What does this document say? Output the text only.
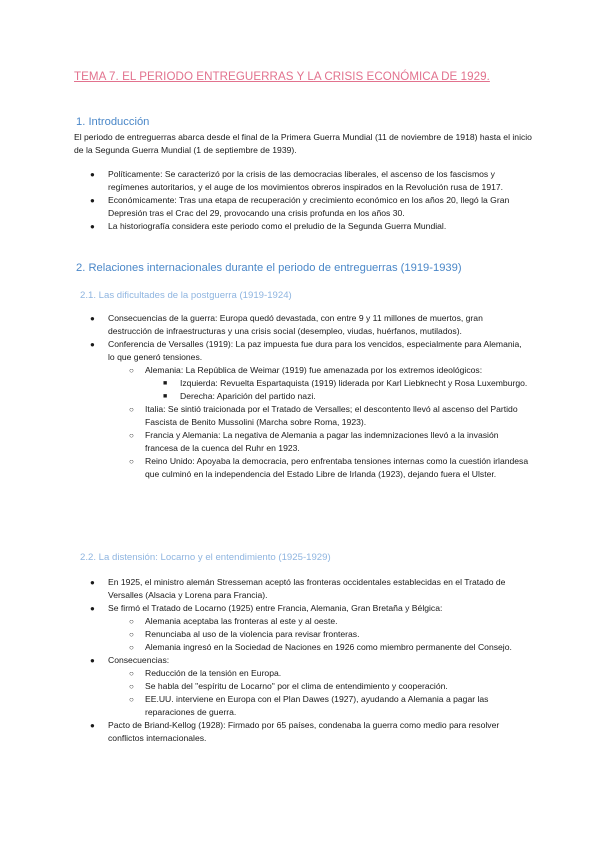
TEMA 7. EL PERIODO ENTREGUERRAS Y LA CRISIS ECONÓMICA DE 1929.
1. Introducción
El periodo de entreguerras abarca desde el final de la Primera Guerra Mundial (11 de noviembre de 1918) hasta el inicio de la Segunda Guerra Mundial (1 de septiembre de 1939).
● Políticamente: Se caracterizó por la crisis de las democracias liberales, el ascenso de los fascismos y regímenes autoritarios, y el auge de los movimientos obreros inspirados en la Revolución rusa de 1917.
● Económicamente: Tras una etapa de recuperación y crecimiento económico en los años 20, llegó la Gran Depresión tras el Crac del 29, provocando una crisis profunda en los años 30.
● La historiografía considera este periodo como el preludio de la Segunda Guerra Mundial.
2. Relaciones internacionales durante el periodo de entreguerras (1919-1939)
2.1. Las dificultades de la postguerra (1919-1924)
● Consecuencias de la guerra: Europa quedó devastada, con entre 9 y 11 millones de muertos, gran destrucción de infraestructuras y una crisis social (desempleo, viudas, huérfanos, mutilados).
● Conferencia de Versalles (1919): La paz impuesta fue dura para los vencidos, especialmente para Alemania, lo que generó tensiones.
○ Alemania: La República de Weimar (1919) fue amenazada por los extremos ideológicos:
■ Izquierda: Revuelta Espartaquista (1919) liderada por Karl Liebknecht y Rosa Luxemburgo.
■ Derecha: Aparición del partido nazi.
○ Italia: Se sintió traicionada por el Tratado de Versalles; el descontento llevó al ascenso del Partido Fascista de Benito Mussolini (Marcha sobre Roma, 1923).
○ Francia y Alemania: La negativa de Alemania a pagar las indemnizaciones llevó a la invasión francesa de la cuenca del Ruhr en 1923.
○ Reino Unido: Apoyaba la democracia, pero enfrentaba tensiones internas como la cuestión irlandesa que culminó en la independencia del Estado Libre de Irlanda (1923), dejando fuera el Ulster.
2.2. La distensión: Locarno y el entendimiento (1925-1929)
● En 1925, el ministro alemán Stresseman aceptó las fronteras occidentales establecidas en el Tratado de Versalles (Alsacia y Lorena para Francia).
● Se firmó el Tratado de Locarno (1925) entre Francia, Alemania, Gran Bretaña y Bélgica:
○ Alemania aceptaba las fronteras al este y al oeste.
○ Renunciaba al uso de la violencia para revisar fronteras.
○ Alemania ingresó en la Sociedad de Naciones en 1926 como miembro permanente del Consejo.
● Consecuencias:
○ Reducción de la tensión en Europa.
○ Se habla del "espíritu de Locarno" por el clima de entendimiento y cooperación.
○ EE.UU. interviene en Europa con el Plan Dawes (1927), ayudando a Alemania a pagar las reparaciones de guerra.
● Pacto de Briand-Kellog (1928): Firmado por 65 países, condenaba la guerra como medio para resolver conflictos internacionales.
